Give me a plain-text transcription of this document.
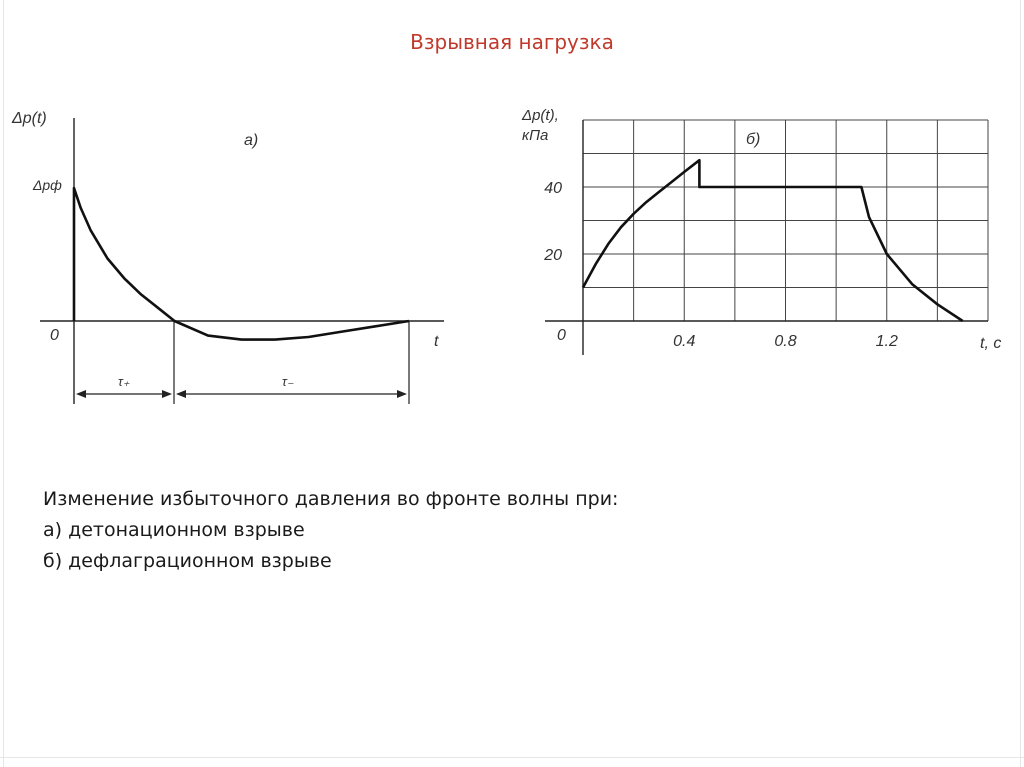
Взрывная нагрузка
Δp(t)
а)
Δpф
0	t
τ₊	τ₋
Δp(t),
кПа	б)
0	t, c
0.4	0.8	1.2
20
40
Изменение избыточного давления во фронте волны при:
а) детонационном взрыве
б) дефлаграционном взрыве
